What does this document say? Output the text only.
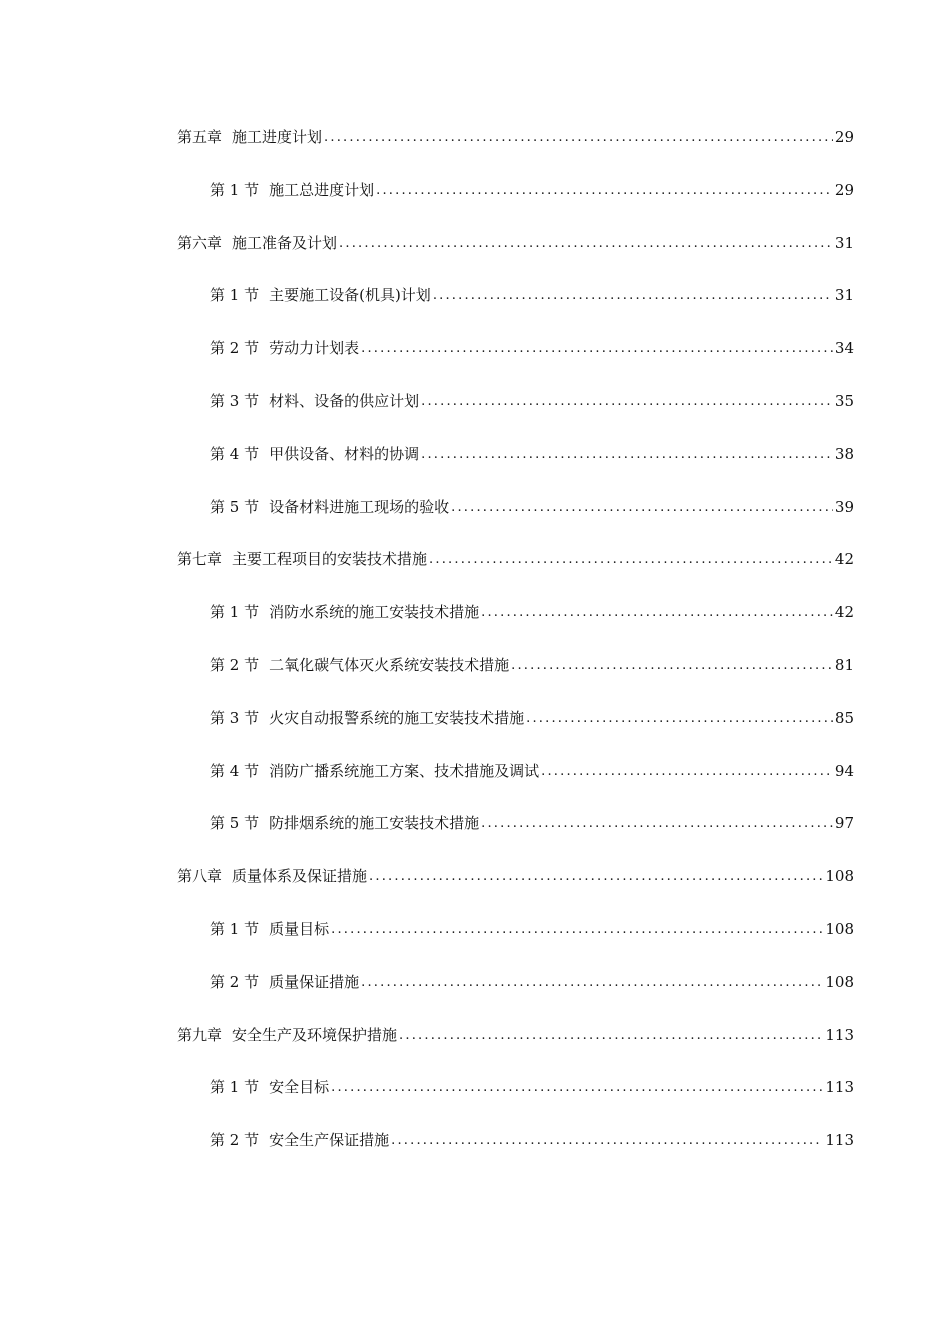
第五章 施工进度计划 .....	29
第 1 节 施工总进度计划 .....	29
第六章 施工准备及计划 .....	31
第 1 节 主要施工设备(机具)计划 .....	31
第 2 节 劳动力计划表 .....	34
第 3 节 材料、设备的供应计划 .....	35
第 4 节 甲供设备、材料的协调 .....	38
第 5 节 设备材料进施工现场的验收 .....	39
第七章 主要工程项目的安装技术措施 .....	42
第 1 节 消防水系统的施工安装技术措施 .....	42
第 2 节 二氧化碳气体灭火系统安装技术措施 .....	81
第 3 节 火灾自动报警系统的施工安装技术措施 .....	85
第 4 节 消防广播系统施工方案、技术措施及调试 .....	94
第 5 节 防排烟系统的施工安装技术措施 .....	97
第八章 质量体系及保证措施 .....	108
第 1 节 质量目标 .....	108
第 2 节 质量保证措施 .....	108
第九章 安全生产及环境保护措施 .....	113
第 1 节 安全目标 .....	113
第 2 节 安全生产保证措施 .....	113
